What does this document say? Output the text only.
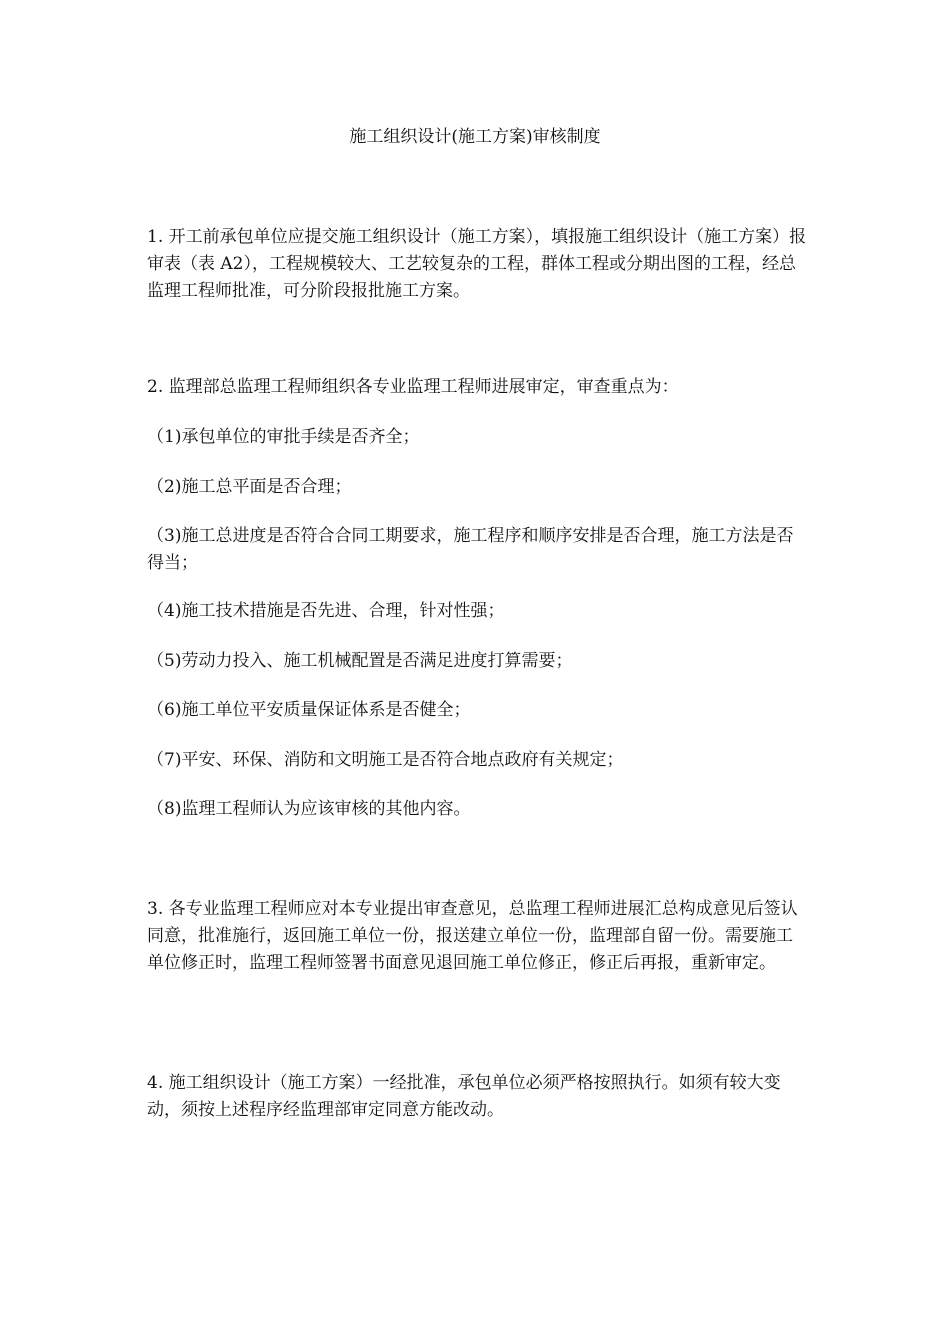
施工组织设计(施工方案)审核制度

1. 开工前承包单位应提交施工组织设计（施工方案），填报施工组织设计（施工方案）报审表（表 A2），工程规模较大、工艺较复杂的工程，群体工程或分期出图的工程，经总监理工程师批准，可分阶段报批施工方案。

2. 监理部总监理工程师组织各专业监理工程师进展审定，审查重点为：

（1)承包单位的审批手续是否齐全；

（2)施工总平面是否合理；

（3)施工总进度是否符合合同工期要求，施工程序和顺序安排是否合理，施工方法是否得当；

（4)施工技术措施是否先进、合理，针对性强；

（5)劳动力投入、施工机械配置是否满足进度打算需要；

（6)施工单位平安质量保证体系是否健全；

（7)平安、环保、消防和文明施工是否符合地点政府有关规定；

（8)监理工程师认为应该审核的其他内容。

3. 各专业监理工程师应对本专业提出审查意见，总监理工程师进展汇总构成意见后签认同意，批准施行，返回施工单位一份，报送建立单位一份，监理部自留一份。需要施工单位修正时，监理工程师签署书面意见退回施工单位修正，修正后再报，重新审定。

4. 施工组织设计（施工方案）一经批准，承包单位必须严格按照执行。如须有较大变动，须按上述程序经监理部审定同意方能改动。
